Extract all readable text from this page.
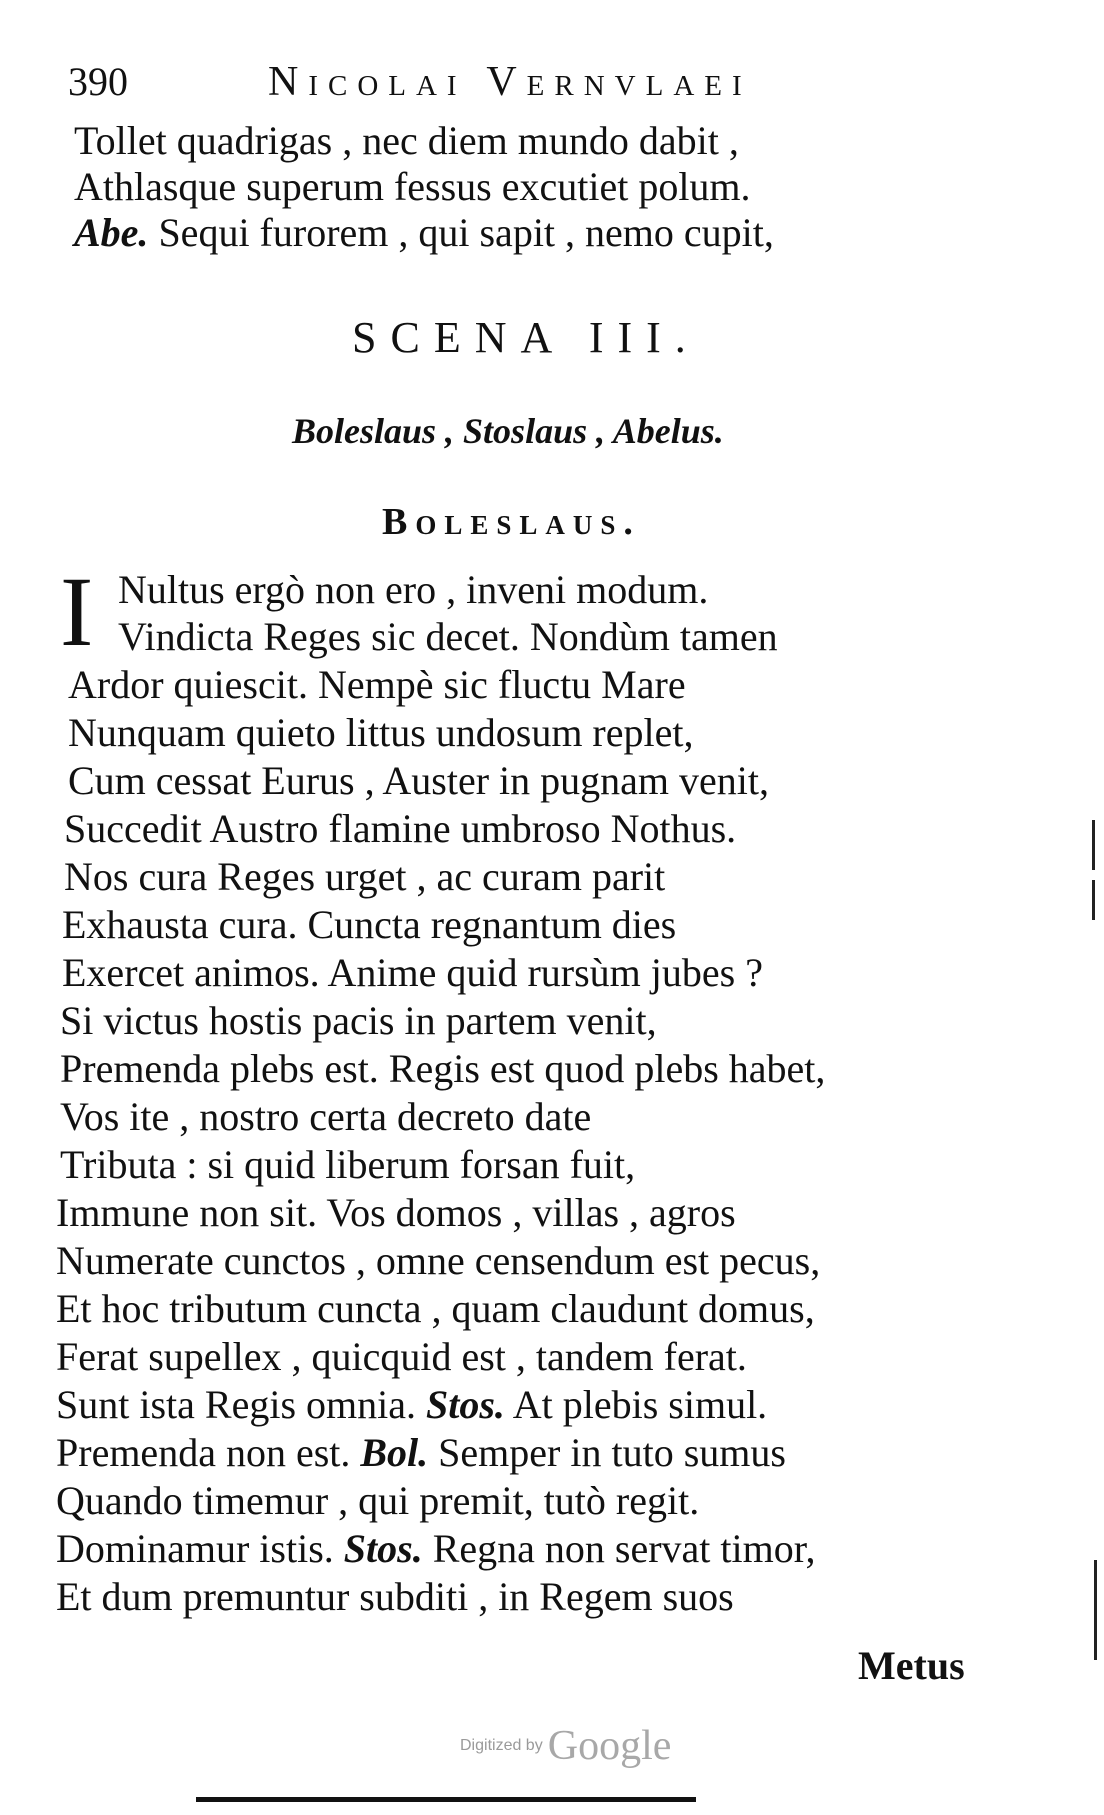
390	Nicolai Vernvlaei
Tollet quadrigas , nec diem mundo dabit ,
Athlasque superum fessus excutiet polum.
Abe. Sequi furorem , qui sapit , nemo cupit,
SCENA III.
Boleslaus , Stoslaus , Abelus.
Boleslaus.
I Nultus ergò non ero , inveni modum.
Vindicta Reges sic decet. Nondùm tamen
Ardor quiescit. Nempè sic fluctu Mare
Nunquam quieto littus undosum replet,
Cum cessat Eurus , Auster in pugnam venit,
Succedit Austro flamine umbroso Nothus.
Nos cura Reges urget , ac curam parit
Exhausta cura. Cuncta regnantum dies
Exercet animos. Anime quid rursùm jubes ?
Si victus hostis pacis in partem venit,
Premenda plebs est. Regis est quod plebs habet,
Vos ite , nostro certa decreto date
Tributa : si quid liberum forsan fuit,
Immune non sit. Vos domos , villas , agros
Numerate cunctos , omne censendum est pecus,
Et hoc tributum cuncta , quam claudunt domus,
Ferat supellex , quicquid est , tandem ferat.
Sunt ista Regis omnia. Stos. At plebis simul.
Premenda non est. Bol. Semper in tuto sumus
Quando timemur , qui premit, tutò regit.
Dominamur istis. Stos. Regna non servat timor,
Et dum premuntur subditi , in Regem suos
Metus
Digitized by Google
